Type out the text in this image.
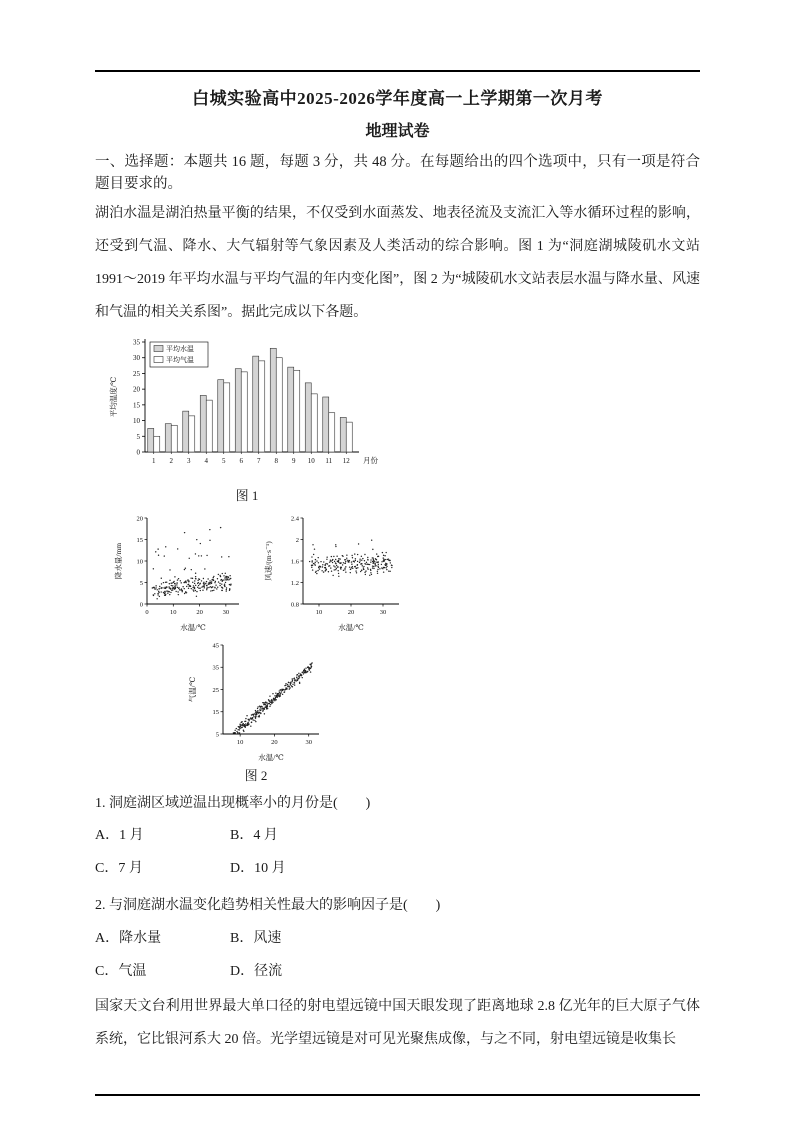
白城实验高中2025-2026学年度高一上学期第一次月考
地理试卷

一、选择题：本题共 16 题，每题 3 分，共 48 分。在每题给出的四个选项中，只有一项是符合题目要求的。

湖泊水温是湖泊热量平衡的结果，不仅受到水面蒸发、地表径流及支流汇入等水循环过程的影响，还受到气温、降水、大气辐射等气象因素及人类活动的综合影响。图 1 为“洞庭湖城陵矶水文站 1991～2019 年平均水温与平均气温的年内变化图”，图 2 为“城陵矶水文站表层水温与降水量、风速和气温的相关关系图”。据此完成以下各题。

0
5
10
15
20
25
30
35
1 2 3 4 5 6 7 8 9 10 11 12 月份
平均温度/℃
平均水温
平均气温
图 1
0
5
10
15
20
0	10	20	30
水温/℃
降水量/mm
0.8
1.2
1.6
2
2.4
10	20	30
水温/℃
风速/(m·s⁻¹)
5
15
25
35
45
10	20	30
水温/℃
气温/℃
图 2

1. 洞庭湖区域逆温出现概率小的月份是(　　)

A．1 月	B．4 月
C．7 月	D．10 月

2. 与洞庭湖水温变化趋势相关性最大的影响因子是(　　)

A．降水量	B．风速
C．气温	D．径流

国家天文台利用世界最大单口径的射电望远镜中国天眼发现了距离地球 2.8 亿光年的巨大原子气体系统，它比银河系大 20 倍。光学望远镜是对可见光聚焦成像，与之不同，射电望远镜是收集长
